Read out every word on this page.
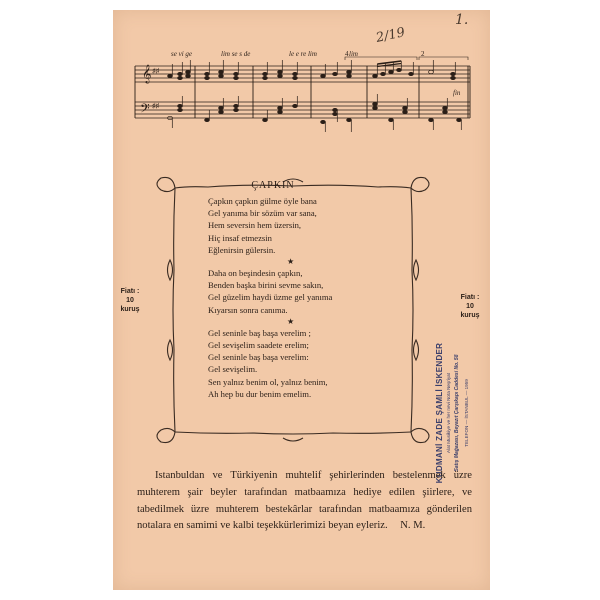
2/19
1.
se vi ge	lim se s de	le e re lim	lim
𝄞
𝄢
♯♯
♯♯
4	2
fin
ÇAPKIN
Çapkın çapkın gülme öyle bana
Gel yanıma bir sözüm var sana,
Hem seversin hem üzersin,
Hiç insaf etmezsin
Eğlenirsin gülersin.
★
Daha on beşindesin çapkın,
Benden başka birini sevme sakın,
Gel güzelim haydi üzme gel yanıma
Kıyarsın sonra canıma.
★
Gel seninle baş başa verelim ;
Gel sevişelim saadete erelim;
Gel seninle baş başa verelim:
Gel sevişelim.
Sen yalnız benim ol, yalnız benim,
Ah hep bu dur benim emelim.
Fiatı :
10
kuruş
Fiatı :
10
kuruş
KUDMANİ ZADE ŞAMLİ İSKENDER Alat Musikiye ve her nevi Nota Neşriyat Satış Mağazası, Beyazıt Çarşıkapı Caddesi No. 58 TELEFON — İSTANBUL — 1959
Istanbuldan ve Türkiyenin muhtelif şehirlerinden bestelenmek üzre muhterem şair beyler tarafından matbaamıza hediye edilen şiirlere, ve tabedilmek üzre muhterem bestekârlar tarafından matbaamıza gönderilen notalara en samimi ve kalbi teşekkürlerimizi beyan eyleriz. N. M.
